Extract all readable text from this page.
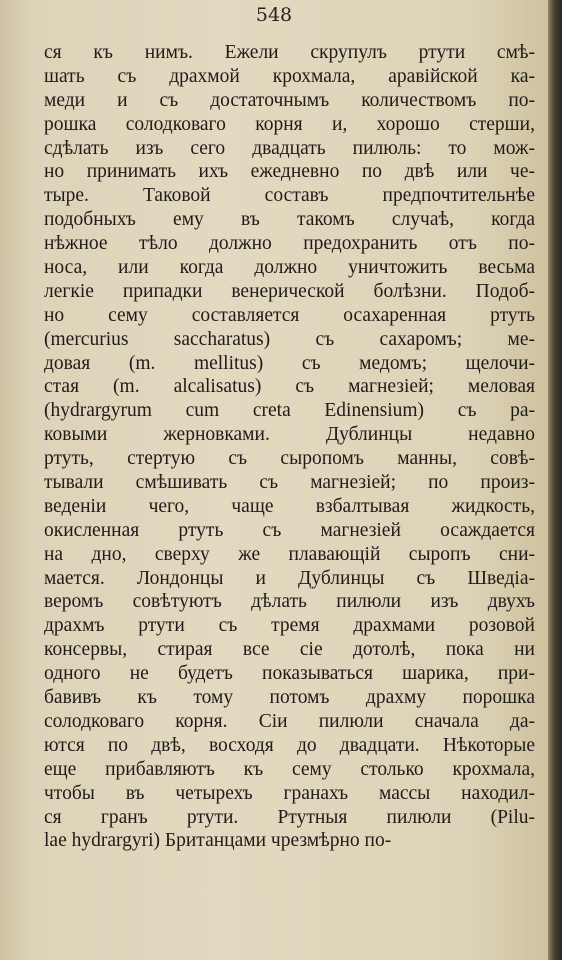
548
ся къ нимъ. Ежели скрупулъ ртути смѣ-
шать съ драхмой крохмала, аравiйской ка-
меди и съ достаточнымъ количествомъ по-
рошка солодковаго корня и, хорошо стерши,
сдѣлать изъ сего двадцать пилюль: то мож-
но принимать ихъ ежедневно по двѣ или че-
тыре. Таковой составъ предпочтительнѣе
подобныхъ ему въ такомъ случаѣ, когда
нѣжное тѣло должно предохранить отъ по-
носа, или когда должно уничтожить весьма
легкiе припадки венерической болѣзни. Подоб-
но сему составляется осахаренная ртуть
(mercurius saccharatus) съ сахаромъ; ме-
довая (m. mellitus) съ медомъ; щелочи-
стая (m. alcalisatus) съ магнезiей; меловая
(hydrargyrum cum creta Edinensium) съ ра-
ковыми жерновками. Дублинцы недавно
ртуть, стертую съ сыропомъ манны, совѣ-
тывали смѣшивать съ магнезiей; по произ-
веденiи чего, чаще взбалтывая жидкость,
окисленная ртуть съ магнезiей осаждается
на дно, сверху же плавающiй сыропъ сни-
мается. Лондонцы и Дублинцы съ Шведiа-
веромъ совѣтуютъ дѣлать пилюли изъ двухъ
драхмъ ртути съ тремя драхмами розовой
консервы, стирая все сiе дотолѣ, пока ни
одного не будетъ показываться шарика, при-
бавивъ къ тому потомъ драхму порошка
солодковаго корня. Сiи пилюли сначала да-
ются по двѣ, восходя до двадцати. Нѣкоторые
еще прибавляютъ къ сему столько крохмала,
чтобы въ четырехъ гранахъ массы находил-
ся гранъ ртути. Ртутныя пилюли (Pilu-
lae hydrargyri) Британцами чрезмѣрно по-
